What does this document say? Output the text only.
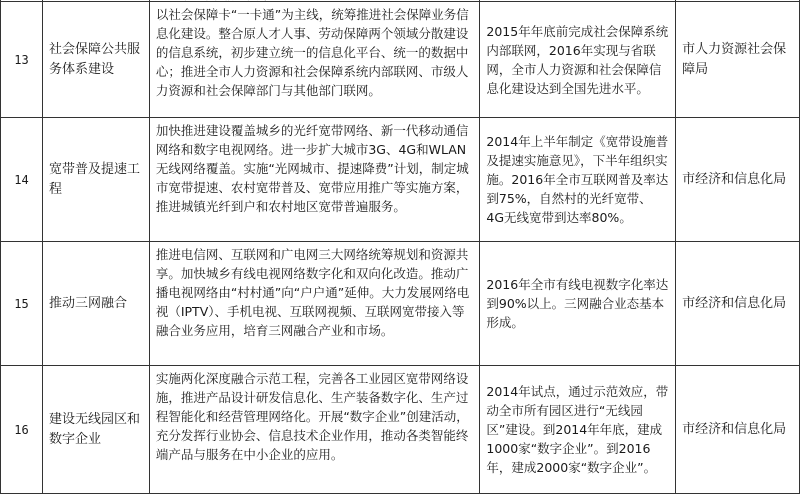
13	社会保障公共服务体系建设	以社会保障卡“一卡通”为主线，统筹推进社会保障业务信息化建设。整合原人才人事、劳动保障两个领域分散建设的信息系统，初步建立统一的信息化平台、统一的数据中心；推进全市人力资源和社会保障系统内部联网、市级人力资源和社会保障部门与其他部门联网。	2015年年底前完成社会保障系统内部联网，2016年实现与省联网，全市人力资源和社会保障信息化建设达到全国先进水平。	市人力资源社会保障局
14	宽带普及提速工程	加快推进建设覆盖城乡的光纤宽带网络、新一代移动通信网络和数字电视网络。进一步扩大城市3G、4G和WLAN无线网络覆盖。实施“光网城市、提速降费”计划，制定城市宽带提速、农村宽带普及、宽带应用推广等实施方案，推进城镇光纤到户和农村地区宽带普遍服务。	2014年上半年制定《宽带设施普及提速实施意见》，下半年组织实施。2016年全市互联网普及率达到75%，自然村的光纤宽带、4G无线宽带到达率80%。	市经济和信息化局
15	推动三网融合	推进电信网、互联网和广电网三大网络统筹规划和资源共享。加快城乡有线电视网络数字化和双向化改造。推动广播电视网络由“村村通”向“户户通”延伸。大力发展网络电视（IPTV）、手机电视、互联网视频、互联网宽带接入等融合业务应用，培育三网融合产业和市场。	2016年全市有线电视数字化率达到90%以上。三网融合业态基本形成。	市经济和信息化局
16	建设无线园区和数字企业	实施两化深度融合示范工程，完善各工业园区宽带网络设施，推进产品设计研发信息化、生产装备数字化、生产过程智能化和经营管理网络化。开展“数字企业”创建活动，充分发挥行业协会、信息技术企业作用，推动各类智能终端产品与服务在中小企业的应用。	2014年试点，通过示范效应，带动全市所有园区进行“无线园区”建设。到2014年年底，建成1000家“数字企业”。到2016年，建成2000家“数字企业”。	市经济和信息化局
